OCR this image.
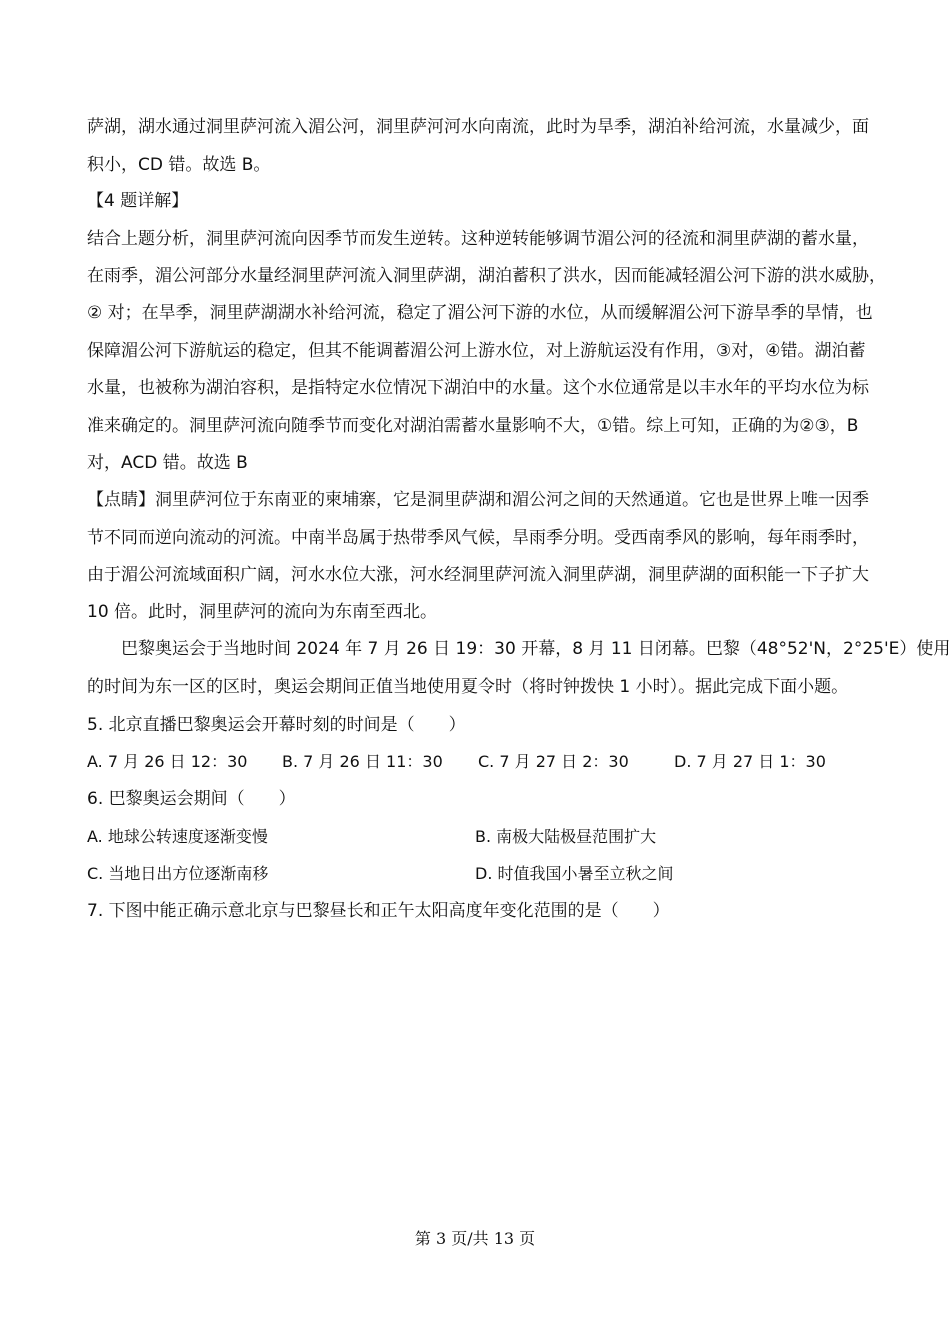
萨湖，湖水通过洞里萨河流入湄公河，洞里萨河河水向南流，此时为旱季，湖泊补给河流，水量减少，面
积小，CD 错。故选 B。
【4 题详解】
结合上题分析，洞里萨河流向因季节而发生逆转。这种逆转能够调节湄公河的径流和洞里萨湖的蓄水量，
在雨季，湄公河部分水量经洞里萨河流入洞里萨湖，湖泊蓄积了洪水，因而能减轻湄公河下游的洪水威胁，
② 对；在旱季，洞里萨湖湖水补给河流，稳定了湄公河下游的水位，从而缓解湄公河下游旱季的旱情，也
保障湄公河下游航运的稳定，但其不能调蓄湄公河上游水位，对上游航运没有作用，③对，④错。湖泊蓄
水量，也被称为湖泊容积，是指特定水位情况下湖泊中的水量。这个水位通常是以丰水年的平均水位为标
准来确定的。洞里萨河流向随季节而变化对湖泊需蓄水量影响不大，①错。综上可知，正确的为②③，B
对，ACD 错。故选 B
【点睛】洞里萨河位于东南亚的柬埔寨，它是洞里萨湖和湄公河之间的天然通道。它也是世界上唯一因季
节不同而逆向流动的河流。中南半岛属于热带季风气候，旱雨季分明。受西南季风的影响，每年雨季时，
由于湄公河流域面积广阔，河水水位大涨，河水经洞里萨河流入洞里萨湖，洞里萨湖的面积能一下子扩大
10 倍。此时，洞里萨河的流向为东南至西北。
巴黎奥运会于当地时间 2024 年 7 月 26 日 19：30 开幕，8 月 11 日闭幕。巴黎（48°52'N，2°25'E）使用
的时间为东一区的区时，奥运会期间正值当地使用夏令时（将时钟拨快 1 小时）。据此完成下面小题。
5. 北京直播巴黎奥运会开幕时刻的时间是（　　）
A. 7 月 26 日 12：30 B. 7 月 26 日 11：30 C. 7 月 27 日 2：30	D. 7 月 27 日 1：30
6. 巴黎奥运会期间（　　）
A. 地球公转速度逐渐变慢	B. 南极大陆极昼范围扩大
C. 当地日出方位逐渐南移	D. 时值我国小暑至立秋之间
7. 下图中能正确示意北京与巴黎昼长和正午太阳高度年变化范围的是（　　）
第 3 页/共 13 页
